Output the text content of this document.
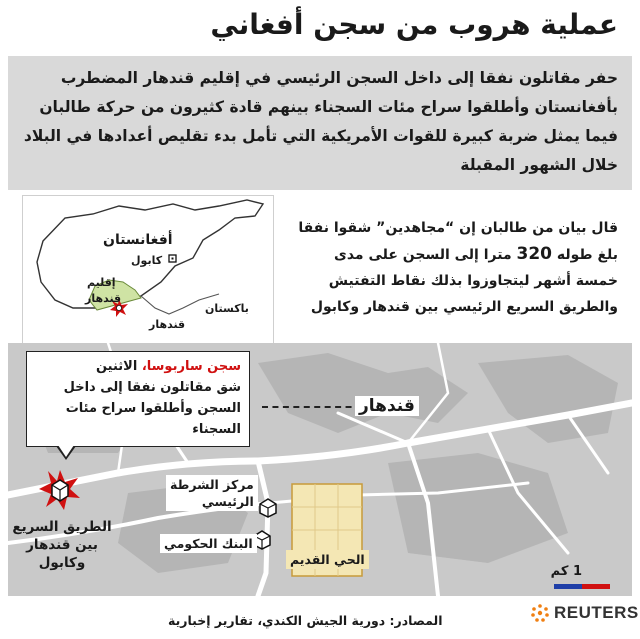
عملية هروب من سجن أفغاني
حفر مقاتلون نفقا إلى داخل السجن الرئيسي في إقليم قندهار المضطرب بأفغانستان وأطلقوا سراح مئات السجناء بينهم قادة كثيرون من حركة طالبان فيما يمثل ضربة كبيرة للقوات الأمريكية التي تأمل بدء تقليص أعدادها في البلاد خلال الشهور المقبلة
أفغانستان
كابول
إقليم
قندهار
باكستان
قندهار
قال بيان من طالبان إن “مجاهدين” شقوا نفقا بلغ طوله 320 مترا إلى السجن على مدى خمسة أشهر ليتجاوزوا بذلك نقاط التفتيش والطريق السريع الرئيسي بين قندهار وكابول
سجن ساربوسا، الاثنين
شق مقاتلون نفقا إلى داخل السجن وأطلقوا سراح مئات السجناء
قندهار
مركز الشرطة
الرئيسي
البنك الحكومي
الحي القديم
الطريق السريع
بين قندهار
وكابول
1 كم
المصادر: دورية الجيش الكندي، تقارير إخبارية	REUTERS
